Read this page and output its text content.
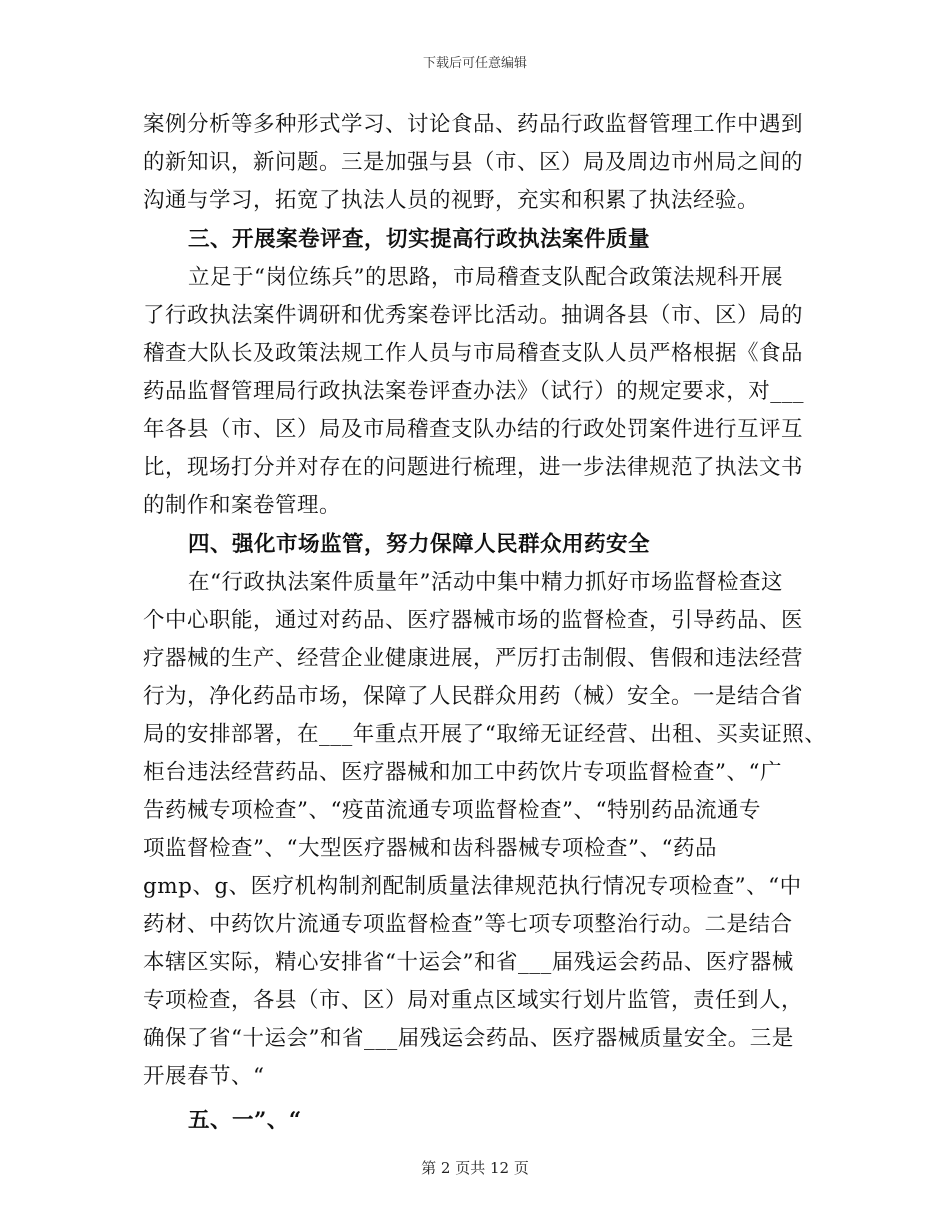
下载后可任意编辑
案例分析等多种形式学习、讨论食品、药品行政监督管理工作中遇到
的新知识，新问题。三是加强与县（市、区）局及周边市州局之间的
沟通与学习，拓宽了执法人员的视野，充实和积累了执法经验。
三、开展案卷评查，切实提高行政执法案件质量
立足于“岗位练兵”的思路，市局稽查支队配合政策法规科开展
了行政执法案件调研和优秀案卷评比活动。抽调各县（市、区）局的
稽查大队长及政策法规工作人员与市局稽查支队人员严格根据《食品
药品监督管理局行政执法案卷评查办法》（试行）的规定要求，对___
年各县（市、区）局及市局稽查支队办结的行政处罚案件进行互评互
比，现场打分并对存在的问题进行梳理，进一步法律规范了执法文书
的制作和案卷管理。
四、强化市场监管，努力保障人民群众用药安全
在“行政执法案件质量年”活动中集中精力抓好市场监督检查这
个中心职能，通过对药品、医疗器械市场的监督检查，引导药品、医
疗器械的生产、经营企业健康进展，严厉打击制假、售假和违法经营
行为，净化药品市场，保障了人民群众用药（械）安全。一是结合省
局的安排部署，在___年重点开展了“取缔无证经营、出租、买卖证照、
柜台违法经营药品、医疗器械和加工中药饮片专项监督检查”、“广
告药械专项检查”、“疫苗流通专项监督检查”、“特别药品流通专
项监督检查”、“大型医疗器械和齿科器械专项检查”、“药品
gmp、g、医疗机构制剂配制质量法律规范执行情况专项检查”、“中
药材、中药饮片流通专项监督检查”等七项专项整治行动。二是结合
本辖区实际，精心安排省“十运会”和省___届残运会药品、医疗器械
专项检查，各县（市、区）局对重点区域实行划片监管，责任到人，
确保了省“十运会”和省___届残运会药品、医疗器械质量安全。三是
开展春节、“
五、一”、“
第 2 页共 12 页
